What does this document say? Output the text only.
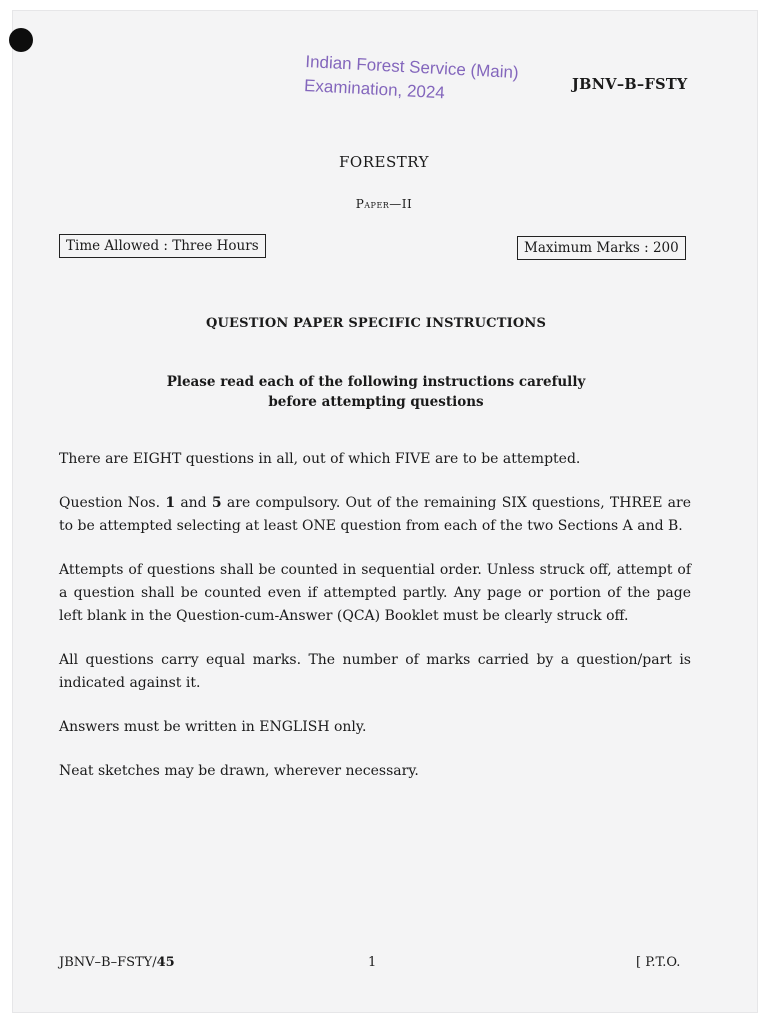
Indian Forest Service (Main)
Examination, 2024	JBNV–B–FSTY
FORESTRY
Paper—II
Time Allowed : Three Hours	Maximum Marks : 200
QUESTION PAPER SPECIFIC INSTRUCTIONS
Please read each of the following instructions carefully
before attempting questions

There are EIGHT questions in all, out of which FIVE are to be attempted.

Question Nos. 1 and 5 are compulsory. Out of the remaining SIX questions, THREE are to be attempted selecting at least ONE question from each of the two Sections A and B.

Attempts of questions shall be counted in sequential order. Unless struck off, attempt of a question shall be counted even if attempted partly. Any page or portion of the page left blank in the Question-cum-Answer (QCA) Booklet must be clearly struck off.

All questions carry equal marks. The number of marks carried by a question/part is indicated against it.

Answers must be written in ENGLISH only.

Neat sketches may be drawn, wherever necessary.

JBNV–B–FSTY/45	1	[ P.T.O.
